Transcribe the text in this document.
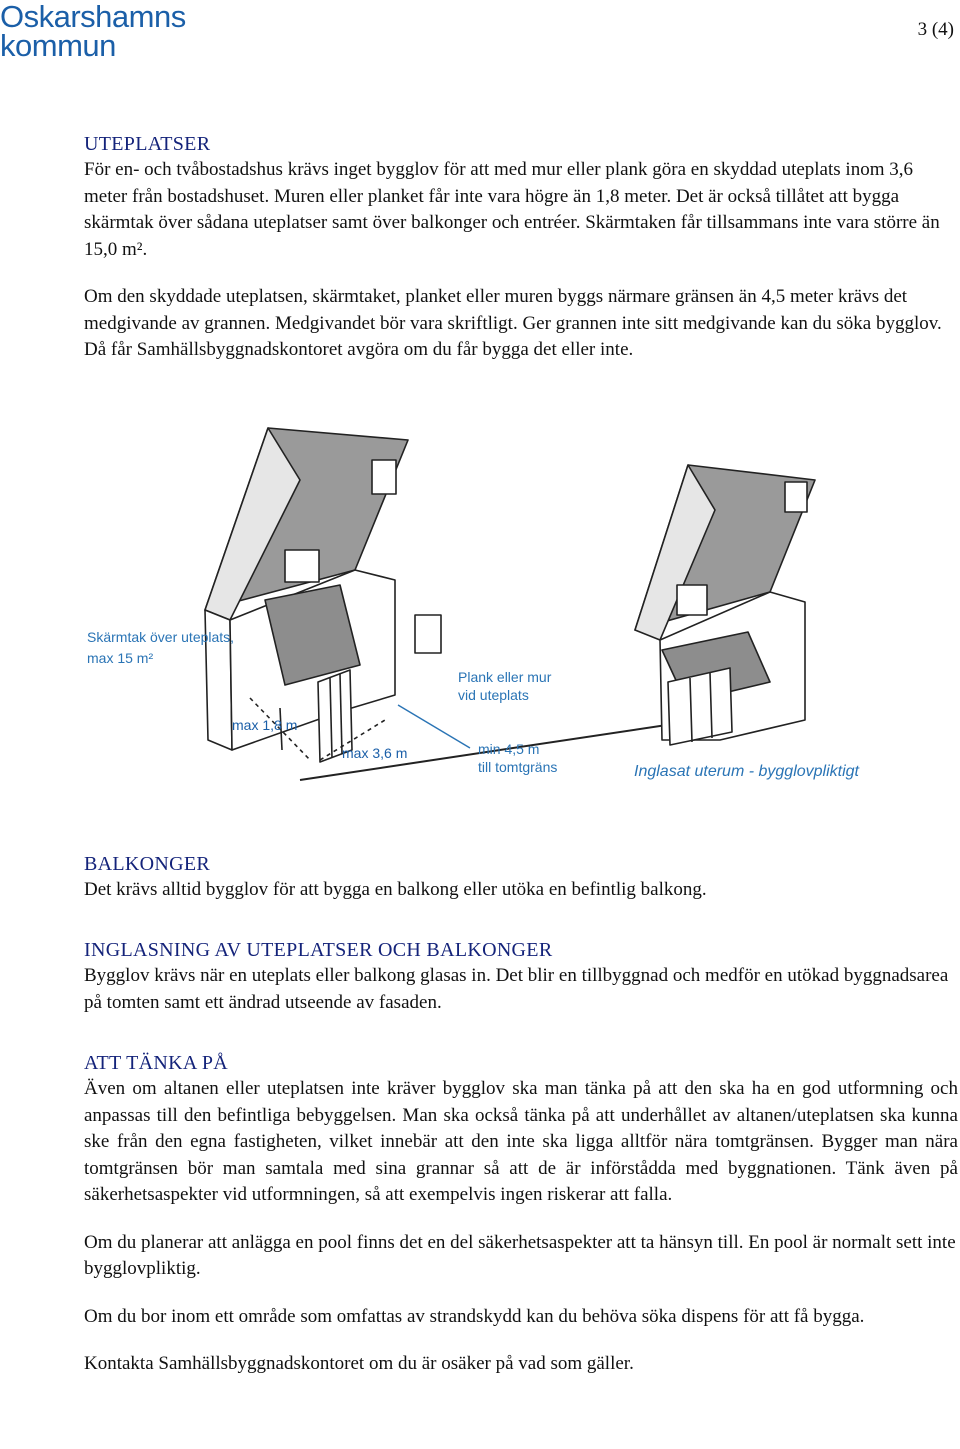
Oskarshamns
kommun	3 (4)
UTEPLATSER

För en- och tvåbostadshus krävs inget bygglov för att med mur eller plank göra en skyddad uteplats inom 3,6 meter från bostadshuset. Muren eller planket får inte vara högre än 1,8 meter. Det är också tillåtet att bygga skärmtak över sådana uteplatser samt över balkonger och entréer. Skärmtaken får tillsammans inte vara större än 15,0 m².

Om den skyddade uteplatsen, skärmtaket, planket eller muren byggs närmare gränsen än 4,5 meter krävs det medgivande av grannen. Medgivandet bör vara skriftligt. Ger grannen inte sitt medgivande kan du söka bygglov. Då får Samhällsbyggnadskontoret avgöra om du får bygga det eller inte.

Skärmtak över uteplats,
max 15 m²
Plank eller mur
vid uteplats
max 1,8 m
max 3,6 m	min 4,5 m
till tomtgräns	Inglasat uterum - bygglovpliktigt
BALKONGER

Det krävs alltid bygglov för att bygga en balkong eller utöka en befintlig balkong.

INGLASNING AV UTEPLATSER OCH BALKONGER

Bygglov krävs när en uteplats eller balkong glasas in. Det blir en tillbyggnad och medför en utökad byggnadsarea på tomten samt ett ändrad utseende av fasaden.

ATT TÄNKA PÅ

Även om altanen eller uteplatsen inte kräver bygglov ska man tänka på att den ska ha en god utformning och anpassas till den befintliga bebyggelsen. Man ska också tänka på att underhållet av altanen/uteplatsen ska kunna ske från den egna fastigheten, vilket innebär att den inte ska ligga alltför nära tomtgränsen. Bygger man nära tomtgränsen bör man samtala med sina grannar så att de är införstådda med byggnationen. Tänk även på säkerhetsaspekter vid utformningen, så att exempelvis ingen riskerar att falla.

Om du planerar att anlägga en pool finns det en del säkerhetsaspekter att ta hänsyn till. En pool är normalt sett inte bygglovpliktig.

Om du bor inom ett område som omfattas av strandskydd kan du behöva söka dispens för att få bygga.

Kontakta Samhällsbyggnadskontoret om du är osäker på vad som gäller.
